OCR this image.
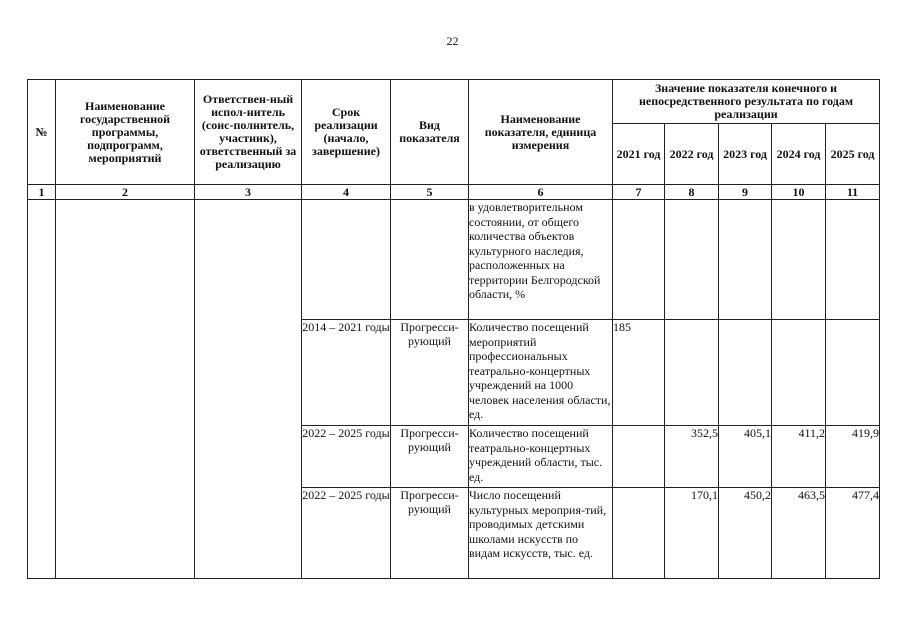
22
№	Наименование государственной программы, подпрограмм, мероприятий	Ответствен-ный испол-нитель (соис-полнитель, участник), ответственный за реализацию	Срок реализации (начало, завершение)	Вид показателя	Наименование показателя, единица измерения	Значение показателя конечного и непосредственного результата по годам реализации				
						2021 год	2022 год	2023 год	2024 год	2025 год
1	2	3	4	5	6	7	8	9	10	11
					в удовлетворительном состоянии, от общего количества объектов культурного наследия, расположенных на территории Белгородской области, %					
			2014 – 2021 годы	Прогресси-рующий	Количество посещений мероприятий профессиональных театрально-концертных учреждений на 1000 человек населения области, ед.	185				
			2022 – 2025 годы	Прогресси-рующий	Количество посещений театрально-концертных учреждений области, тыс. ед.		352,5	405,1	411,2	419,9
			2022 – 2025 годы	Прогресси-рующий	Число посещений культурных мероприя-тий, проводимых детскими школами искусств по видам искусств, тыс. ед.		170,1	450,2	463,5	477,4
